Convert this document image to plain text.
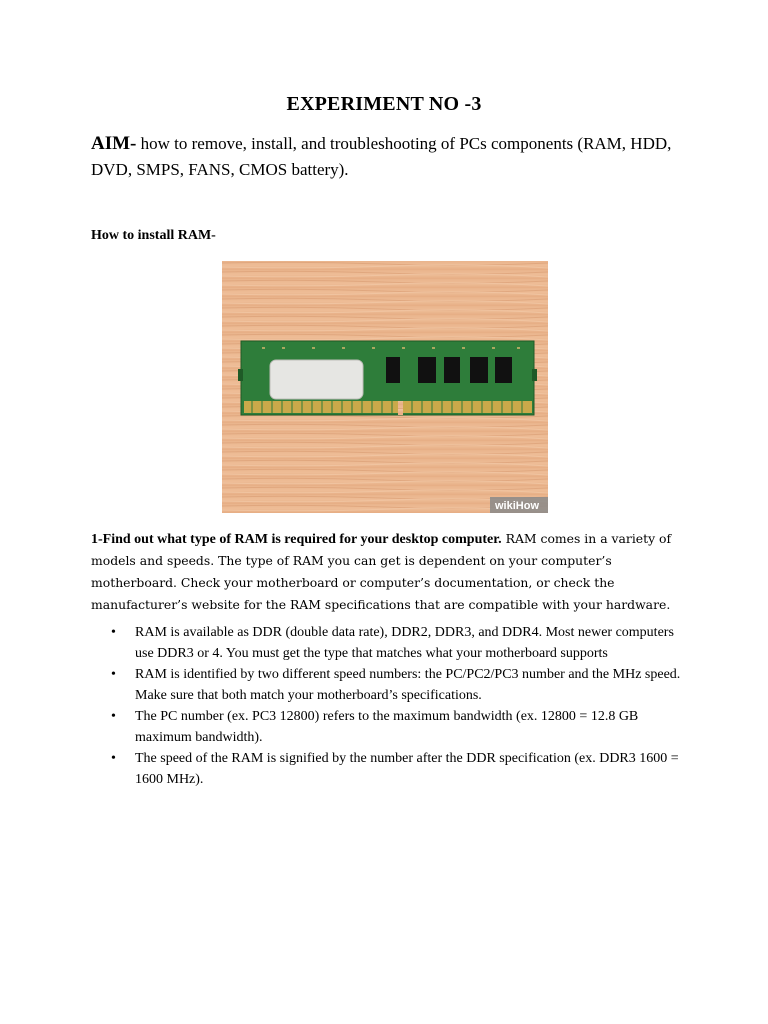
EXPERIMENT NO -3
AIM- how to remove, install, and troubleshooting of PCs components (RAM, HDD, DVD, SMPS, FANS, CMOS battery).
How to install RAM-
wikiHow
1-Find out what type of RAM is required for your desktop computer. RAM comes in a variety of models and speeds. The type of RAM you can get is dependent on your computer’s motherboard. Check your motherboard or computer’s documentation, or check the manufacturer’s website for the RAM specifications that are compatible with your hardware.
• RAM is available as DDR (double data rate), DDR2, DDR3, and DDR4. Most newer computers use DDR3 or 4. You must get the type that matches what your motherboard supports
• RAM is identified by two different speed numbers: the PC/PC2/PC3 number and the MHz speed. Make sure that both match your motherboard’s specifications.
• The PC number (ex. PC3 12800) refers to the maximum bandwidth (ex. 12800 = 12.8 GB maximum bandwidth).
• The speed of the RAM is signified by the number after the DDR specification (ex. DDR3 1600 = 1600 MHz).
